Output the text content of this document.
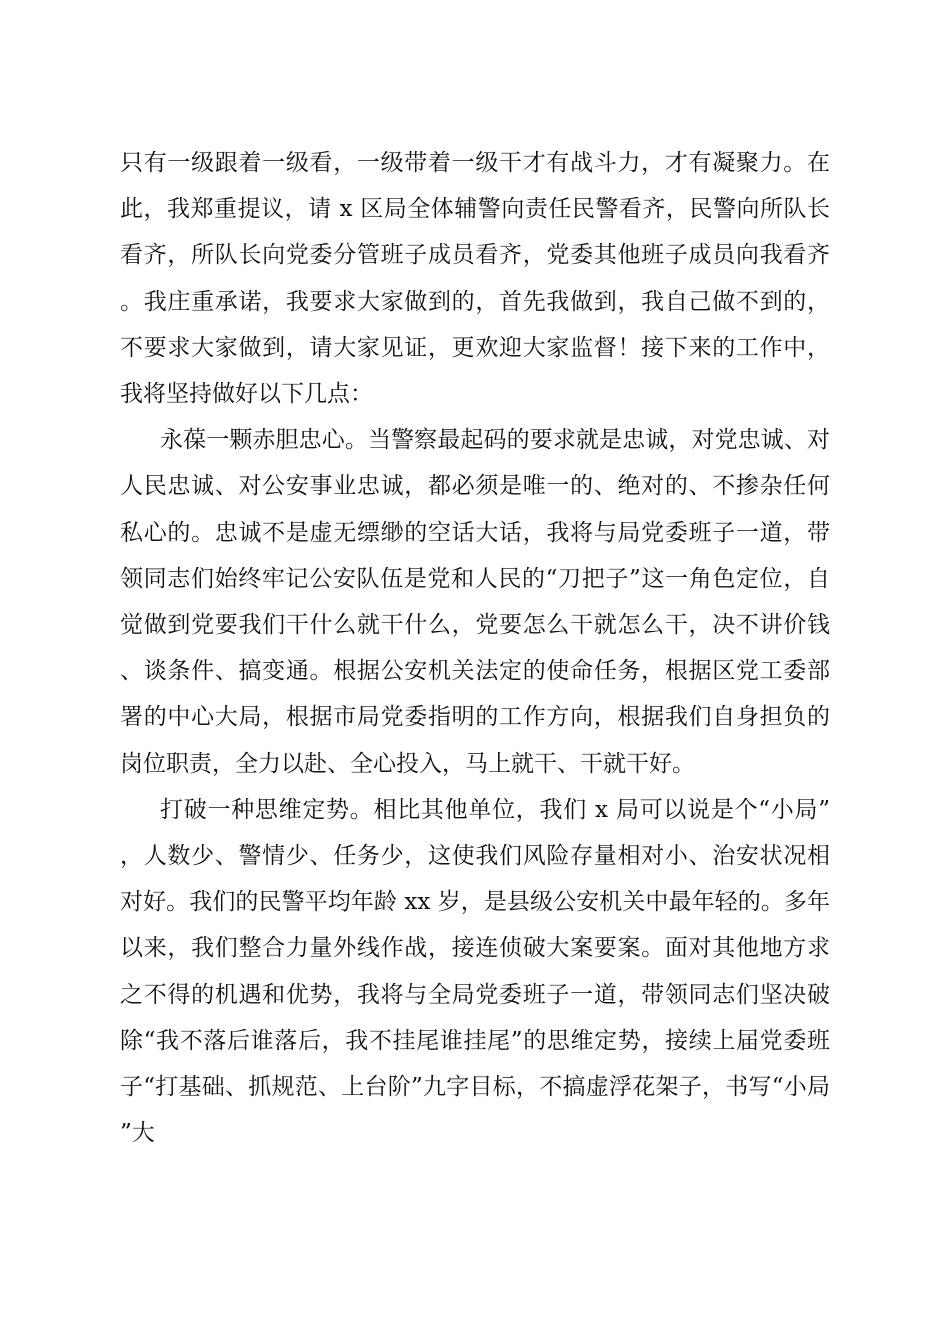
只有一级跟着一级看，一级带着一级干才有战斗力，才有凝聚力。在此，我郑重提议，请 x 区局全体辅警向责任民警看齐，民警向所队长看齐，所队长向党委分管班子成员看齐，党委其他班子成员向我看齐。我庄重承诺，我要求大家做到的，首先我做到，我自己做不到的，不要求大家做到，请大家见证，更欢迎大家监督！接下来的工作中，我将坚持做好以下几点：

永葆一颗赤胆忠心。当警察最起码的要求就是忠诚，对党忠诚、对人民忠诚、对公安事业忠诚，都必须是唯一的、绝对的、不掺杂任何私心的。忠诚不是虚无缥缈的空话大话，我将与局党委班子一道，带领同志们始终牢记公安队伍是党和人民的“刀把子”这一角色定位，自觉做到党要我们干什么就干什么，党要怎么干就怎么干，决不讲价钱、谈条件、搞变通。根据公安机关法定的使命任务，根据区党工委部署的中心大局，根据市局党委指明的工作方向，根据我们自身担负的岗位职责，全力以赴、全心投入，马上就干、干就干好。

打破一种思维定势。相比其他单位，我们 x 局可以说是个“小局”，人数少、警情少、任务少，这使我们风险存量相对小、治安状况相对好。我们的民警平均年龄 xx 岁，是县级公安机关中最年轻的。多年以来，我们整合力量外线作战，接连侦破大案要案。面对其他地方求之不得的机遇和优势，我将与全局党委班子一道，带领同志们坚决破除“我不落后谁落后，我不挂尾谁挂尾”的思维定势，接续上届党委班子“打基础、抓规范、上台阶”九字目标，不搞虚浮花架子，书写“小局”大
